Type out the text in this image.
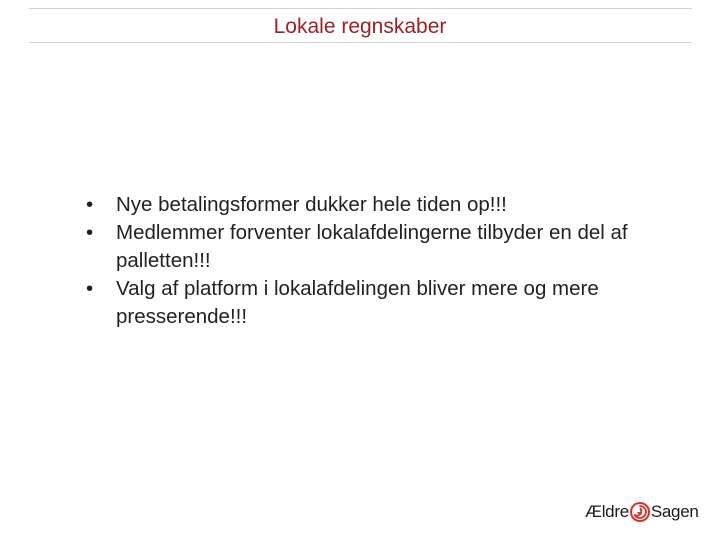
Lokale regnskaber
• Nye betalingsformer dukker hele tiden op!!!
• Medlemmer forventer lokalafdelingerne tilbyder en del af palletten!!!
• Valg af platform i lokalafdelingen bliver mere og mere presserende!!!
Ældre Sagen
